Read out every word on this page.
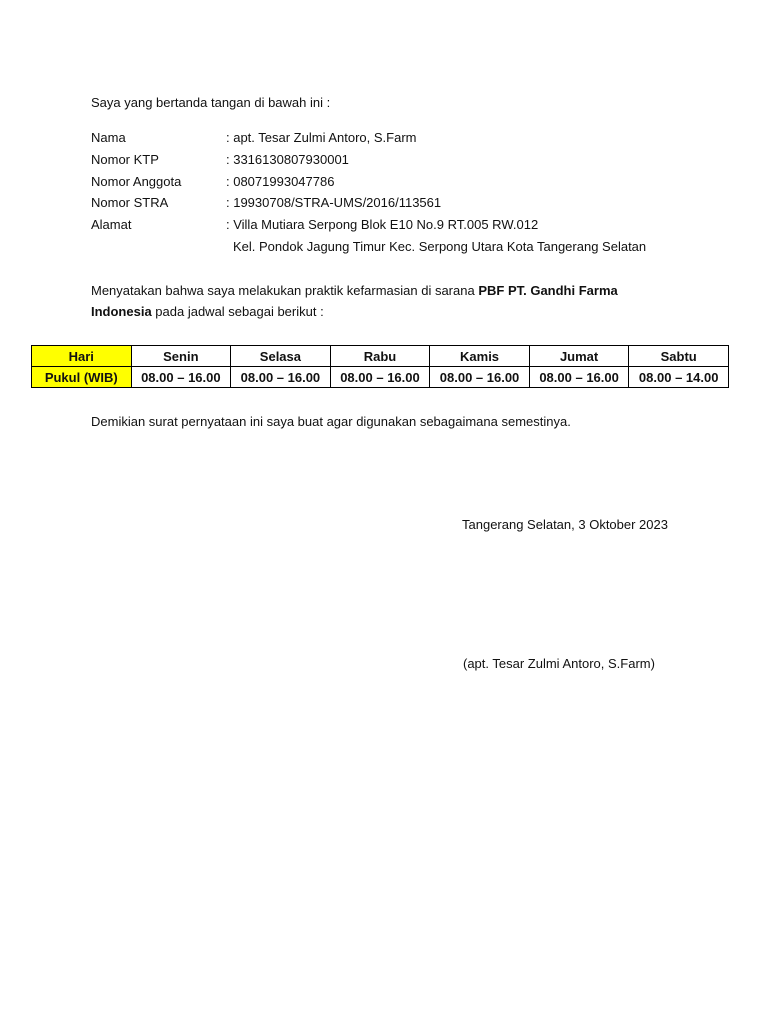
Saya yang bertanda tangan di bawah ini :
Nama	: apt. Tesar Zulmi Antoro, S.Farm
Nomor KTP	: 3316130807930001
Nomor Anggota	: 08071993047786
Nomor STRA	: 19930708/STRA-UMS/2016/113561
Alamat	: Villa Mutiara Serpong Blok E10 No.9 RT.005 RW.012
Kel. Pondok Jagung Timur Kec. Serpong Utara Kota Tangerang Selatan
Menyatakan bahwa saya melakukan praktik kefarmasian di sarana PBF PT. Gandhi Farma
Indonesia pada jadwal sebagai berikut :
Hari	Senin	Selasa	Rabu	Kamis	Jumat	Sabtu
Pukul (WIB)	08.00 – 16.00	08.00 – 16.00	08.00 – 16.00	08.00 – 16.00	08.00 – 16.00	08.00 – 14.00
Demikian surat pernyataan ini saya buat agar digunakan sebagaimana semestinya.
Tangerang Selatan, 3 Oktober 2023
(apt. Tesar Zulmi Antoro, S.Farm)
